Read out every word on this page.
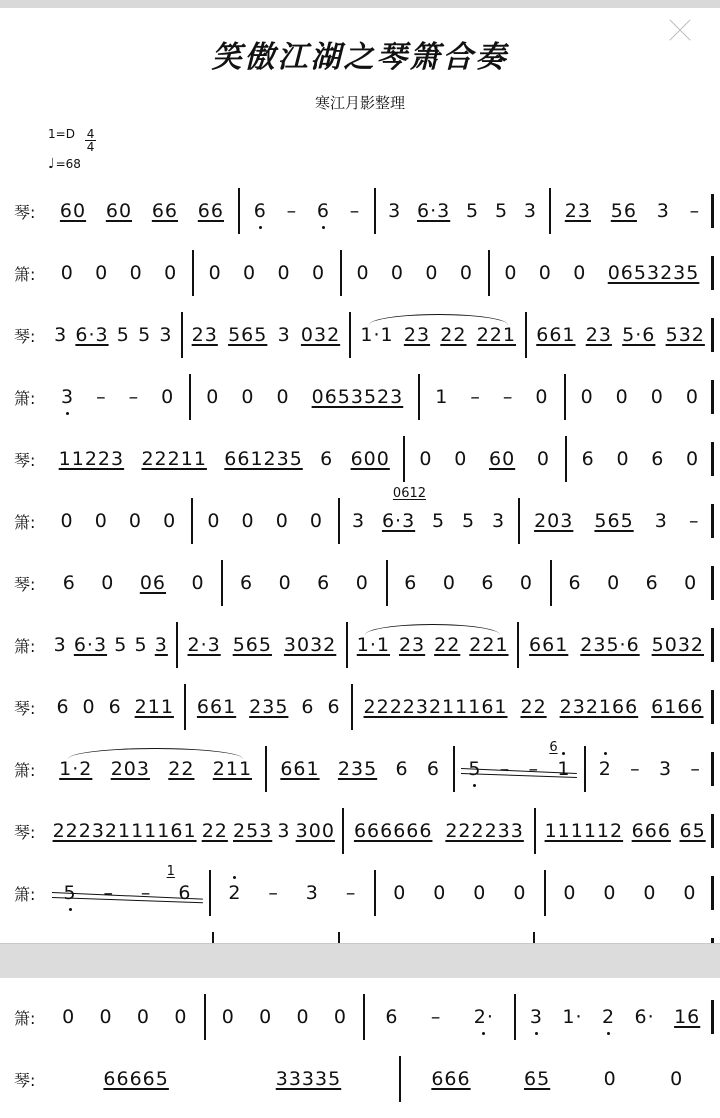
笑傲江湖之琴箫合奏
寒江月影整理
$1=D \frac{4}{4}$
♩=68
琴:	60 60 66 66 6 – 6 – 3 6·3 5 5 3 23 56 3 –
箫:	0 0 0 0 0 0 0 0 0 0 0 0 0 0 0 0653235
琴: 3 6·3 5 5 3 23 565 3 032 1·1 23 22 221 661 23 5·6 532
箫:	3 – – 0 0 0 0 0653523 1 – – 0 0 0 0 0
琴:	11223 22211 661235 6 600 0 0 60 0 6 0 6 0
箫:	0 0 0 0 0 0 0 0
0612
3 6·3 5 5 3 203 565 3 –
琴:	6 0 06 0 6 0 6 0 6 0 6 0 6 0 6 0
箫: 3 6·3 5 5 3 2·3 565 3032 1·1 23 22 221 661 235·6 5032
琴:	6 0 6 211 661 235 6 6 22223211161 22 232166 6166
箫:	1·2 203 22 211 661 235 6 6 5 – –
6
1 2 – 3 –
琴: 22232111161 22 253 3 300 666666 222233 111112 666 65
箫:	5 – –
1
6 2 – 3 – 0 0 0 0 0 0 0 0
箫:	0 0 0 0 0 0 0 0 6 – 2· 3 1· 2 6· 16
琴:	66665	33335	666	65	0	0
